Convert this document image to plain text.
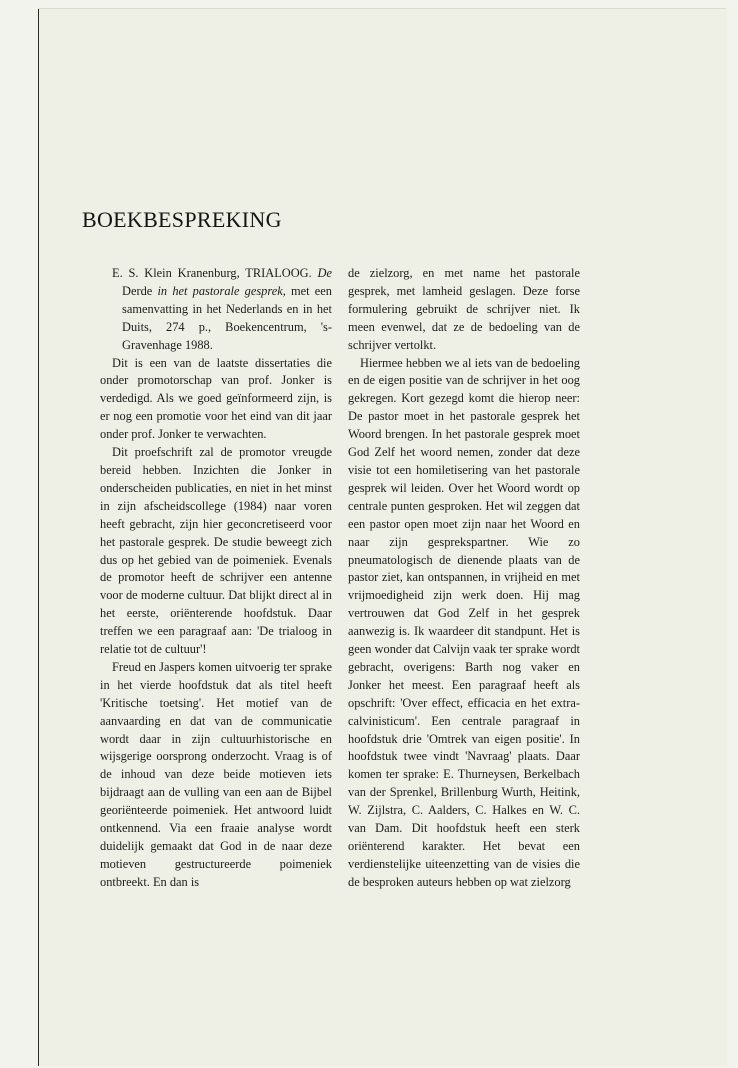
BOEKBESPREKING

E. S. Klein Kranenburg, TRIALOOG. De Derde in het pastorale gesprek, met een samenvatting in het Nederlands en in het Duits, 274 p., Boekencentrum, 's-Gravenhage 1988.

Dit is een van de laatste dissertaties die onder promotorschap van prof. Jonker is verdedigd. Als we goed geïnformeerd zijn, is er nog een promotie voor het eind van dit jaar onder prof. Jonker te verwachten.

Dit proefschrift zal de promotor vreugde bereid hebben. Inzichten die Jonker in onderscheiden publicaties, en niet in het minst in zijn afscheidscollege (1984) naar voren heeft gebracht, zijn hier geconcretiseerd voor het pastorale gesprek. De studie beweegt zich dus op het gebied van de poimeniek. Evenals de promotor heeft de schrijver een antenne voor de moderne cultuur. Dat blijkt direct al in het eerste, oriënterende hoofdstuk. Daar treffen we een paragraaf aan: 'De trialoog in relatie tot de cultuur'!

Freud en Jaspers komen uitvoerig ter sprake in het vierde hoofdstuk dat als titel heeft 'Kritische toetsing'. Het motief van de aanvaarding en dat van de communicatie wordt daar in zijn cultuurhistorische en wijsgerige oorsprong onderzocht. Vraag is of de inhoud van deze beide motieven iets bijdraagt aan de vulling van een aan de Bijbel georiënteerde poimeniek. Het antwoord luidt ontkennend. Via een fraaie analyse wordt duidelijk gemaakt dat God in de naar deze motieven gestructureerde poimeniek ontbreekt. En dan is

de zielzorg, en met name het pastorale gesprek, met lamheid geslagen. Deze forse formulering gebruikt de schrijver niet. Ik meen evenwel, dat ze de bedoeling van de schrijver vertolkt.

Hiermee hebben we al iets van de bedoeling en de eigen positie van de schrijver in het oog gekregen. Kort gezegd komt die hierop neer: De pastor moet in het pastorale gesprek het Woord brengen. In het pastorale gesprek moet God Zelf het woord nemen, zonder dat deze visie tot een homiletisering van het pastorale gesprek wil leiden. Over het Woord wordt op centrale punten gesproken. Het wil zeggen dat een pastor open moet zijn naar het Woord en naar zijn gesprekspartner. Wie zo pneumatologisch de dienende plaats van de pastor ziet, kan ontspannen, in vrijheid en met vrijmoedigheid zijn werk doen. Hij mag vertrouwen dat God Zelf in het gesprek aanwezig is. Ik waardeer dit standpunt. Het is geen wonder dat Calvijn vaak ter sprake wordt gebracht, overigens: Barth nog vaker en Jonker het meest. Een paragraaf heeft als opschrift: 'Over effect, efficacia en het extra-calvinisticum'. Een centrale paragraaf in hoofdstuk drie 'Omtrek van eigen positie'. In hoofdstuk twee vindt 'Navraag' plaats. Daar komen ter sprake: E. Thurneysen, Berkelbach van der Sprenkel, Brillenburg Wurth, Heitink, W. Zijlstra, C. Aalders, C. Halkes en W. C. van Dam. Dit hoofdstuk heeft een sterk oriënterend karakter. Het bevat een verdienstelijke uiteenzetting van de visies die de besproken auteurs hebben op wat zielzorg
